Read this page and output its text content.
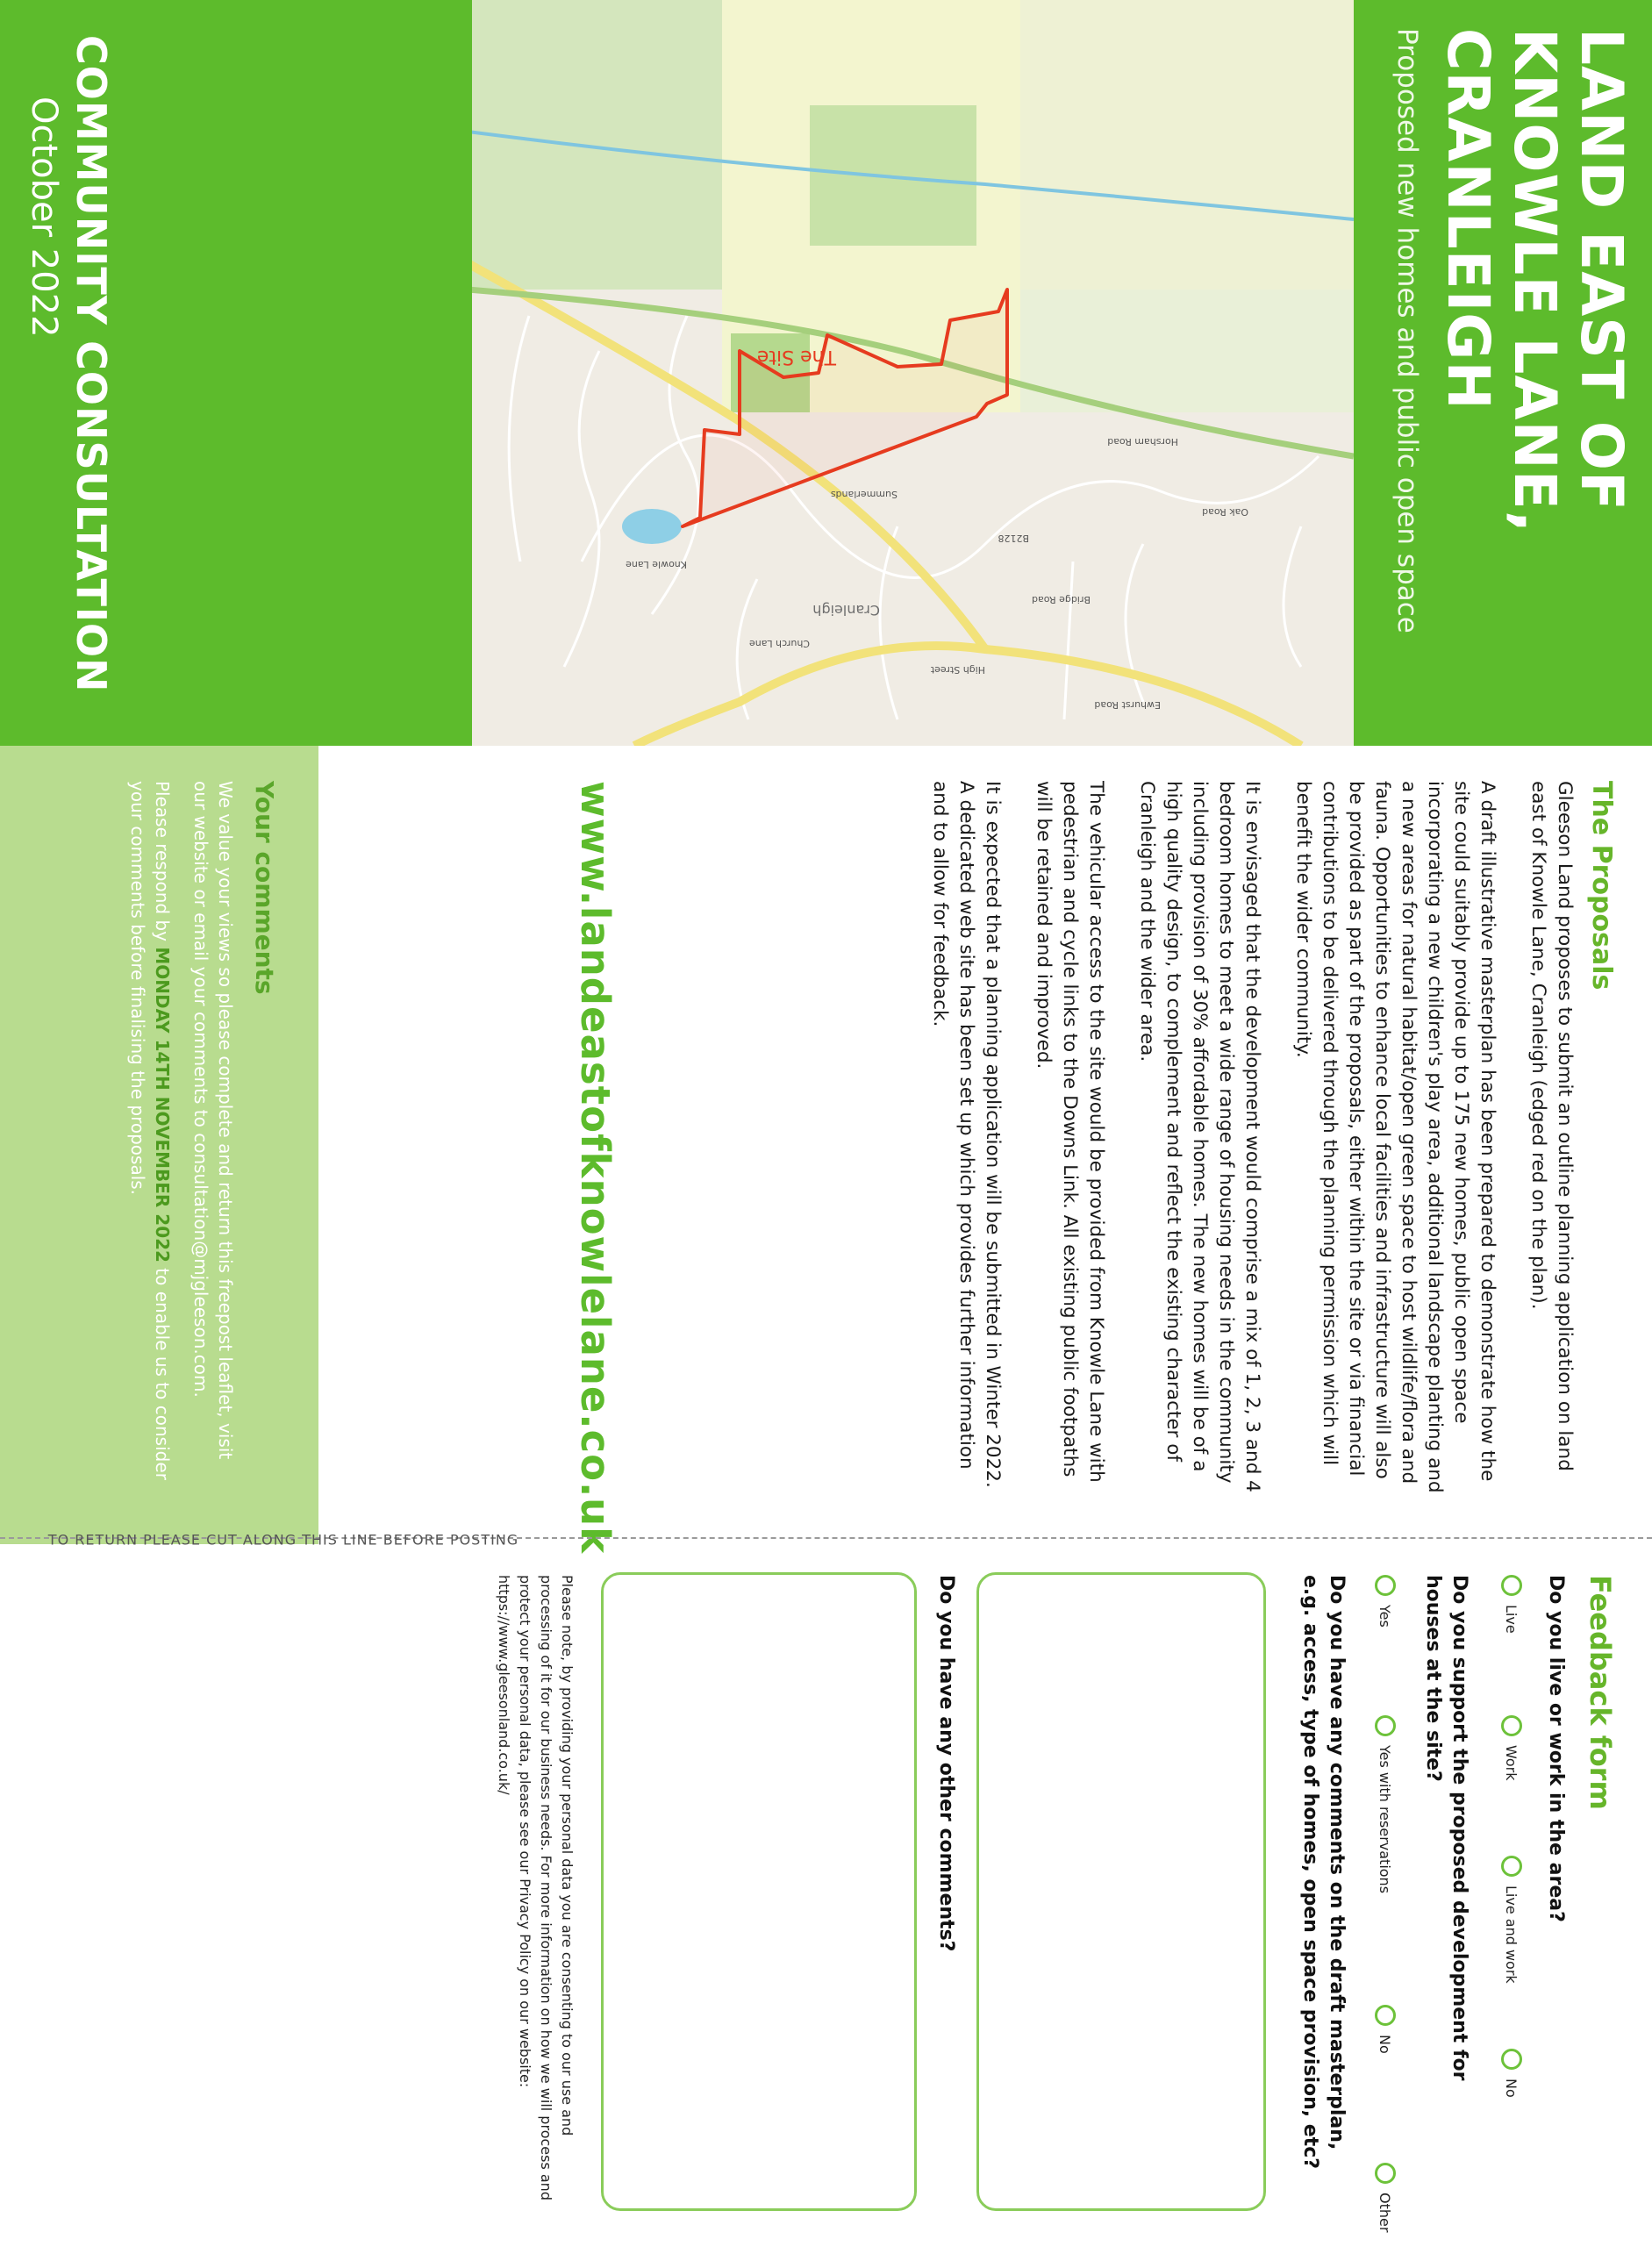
LAND EAST OF
KNOWLE LANE,
CRANLEIGH
Proposed new homes and public open space
The Site
Cranleigh
Knowle Lane
High Street
Ewhurst Road
Horsham Road
Church Lane
B2128
Summerlands
Bridge Road
Oak Road
COMMUNITY CONSULTATION
October 2022
The Proposals

Gleeson Land proposes to submit an outline planning application on land east of Knowle Lane, Cranleigh (edged red on the plan).

A draft illustrative masterplan has been prepared to demonstrate how the site could suitably provide up to 175 new homes, public open space incorporating a new children's play area, additional landscape planting and a new areas for natural habitat/open green space to host wildlife/flora and fauna. Opportunities to enhance local facilities and infrastructure will also be provided as part of the proposals, either within the site or via financial contributions to be delivered through the planning permission which will benefit the wider community.

It is envisaged that the development would comprise a mix of 1, 2, 3 and 4 bedroom homes to meet a wide range of housing needs in the community including provision of 30% affordable homes. The new homes will be of a high quality design, to complement and reflect the existing character of Cranleigh and the wider area.

The vehicular access to the site would be provided from Knowle Lane with pedestrian and cycle links to the Downs Link. All existing public footpaths will be retained and improved.

It is expected that a planning application will be submitted in Winter 2022. A dedicated web site has been set up which provides further information and to allow for feedback.

www.landeastofknowlelane.co.uk
Your comments

We value your views so please complete and return this freepost leaflet, visit our website or email your comments to consultation@mjgleeson.com.

Please respond by MONDAY 14TH NOVEMBER 2022 to enable us to consider your comments before finalising the proposals.

TO RETURN PLEASE CUT ALONG THIS LINE BEFORE POSTING
Feedback form
Do you live or work in the area?
Live
Work
Live and work
No
Do you support the proposed development for houses at the site?
Yes
Yes with reservations
No
Other
Do you have any comments on the draft masterplan, e.g. access, type of homes, open space provision, etc?
Do you have any other comments?
Please note, by providing your personal data you are consenting to our use and processing of it for our business needs. For more information on how we will process and protect your personal data, please see our Privacy Policy on our website: https://www.gleesonland.co.uk/
